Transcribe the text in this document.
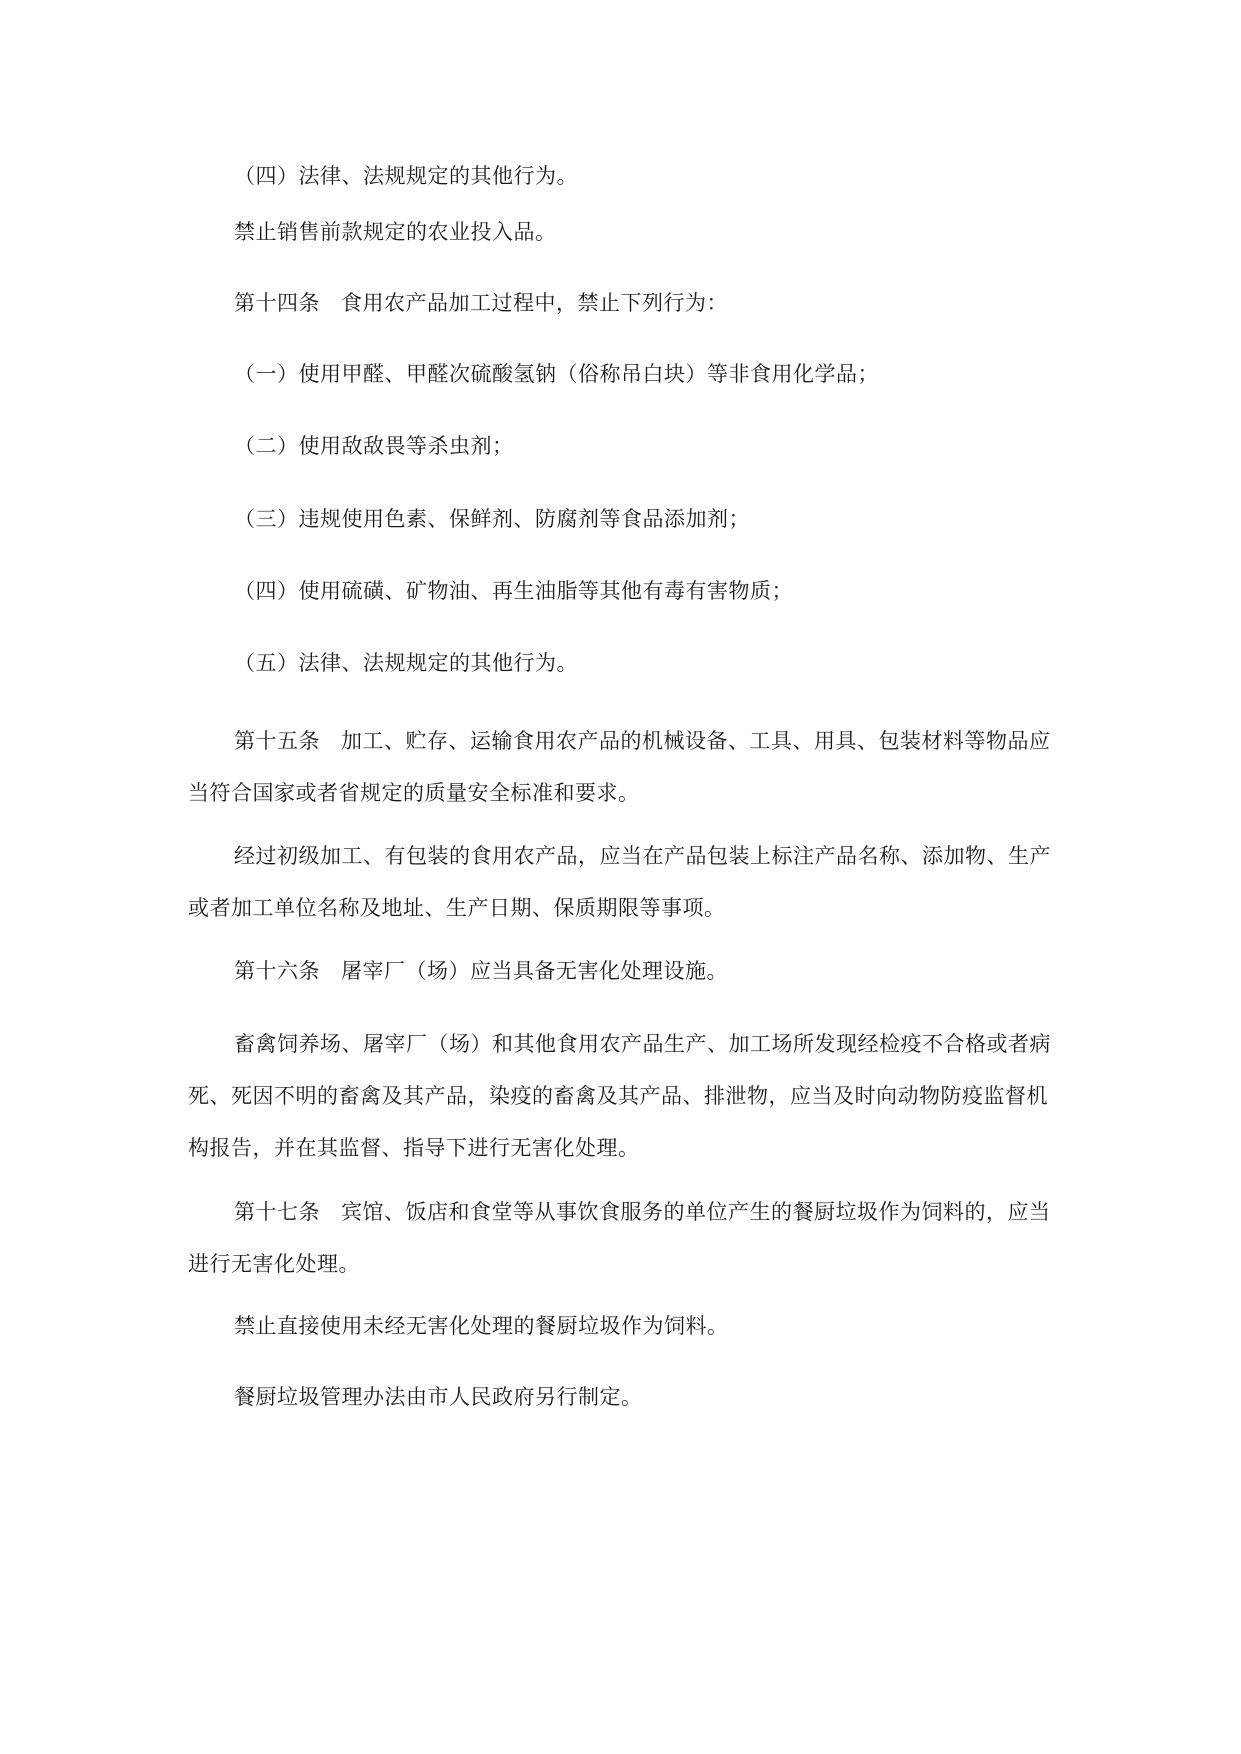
（四）法律、法规规定的其他行为。

禁止销售前款规定的农业投入品。

第十四条 食用农产品加工过程中，禁止下列行为：

（一）使用甲醛、甲醛次硫酸氢钠（俗称吊白块）等非食用化学品；

（二）使用敌敌畏等杀虫剂；

（三）违规使用色素、保鲜剂、防腐剂等食品添加剂；

（四）使用硫磺、矿物油、再生油脂等其他有毒有害物质；

（五）法律、法规规定的其他行为。

第十五条 加工、贮存、运输食用农产品的机械设备、工具、用具、包装材料等物品应当符合国家或者省规定的质量安全标准和要求。

经过初级加工、有包装的食用农产品，应当在产品包装上标注产品名称、添加物、生产或者加工单位名称及地址、生产日期、保质期限等事项。

第十六条 屠宰厂（场）应当具备无害化处理设施。

畜禽饲养场、屠宰厂（场）和其他食用农产品生产、加工场所发现经检疫不合格或者病死、死因不明的畜禽及其产品，染疫的畜禽及其产品、排泄物，应当及时向动物防疫监督机构报告，并在其监督、指导下进行无害化处理。

第十七条 宾馆、饭店和食堂等从事饮食服务的单位产生的餐厨垃圾作为饲料的，应当进行无害化处理。

禁止直接使用未经无害化处理的餐厨垃圾作为饲料。

餐厨垃圾管理办法由市人民政府另行制定。
